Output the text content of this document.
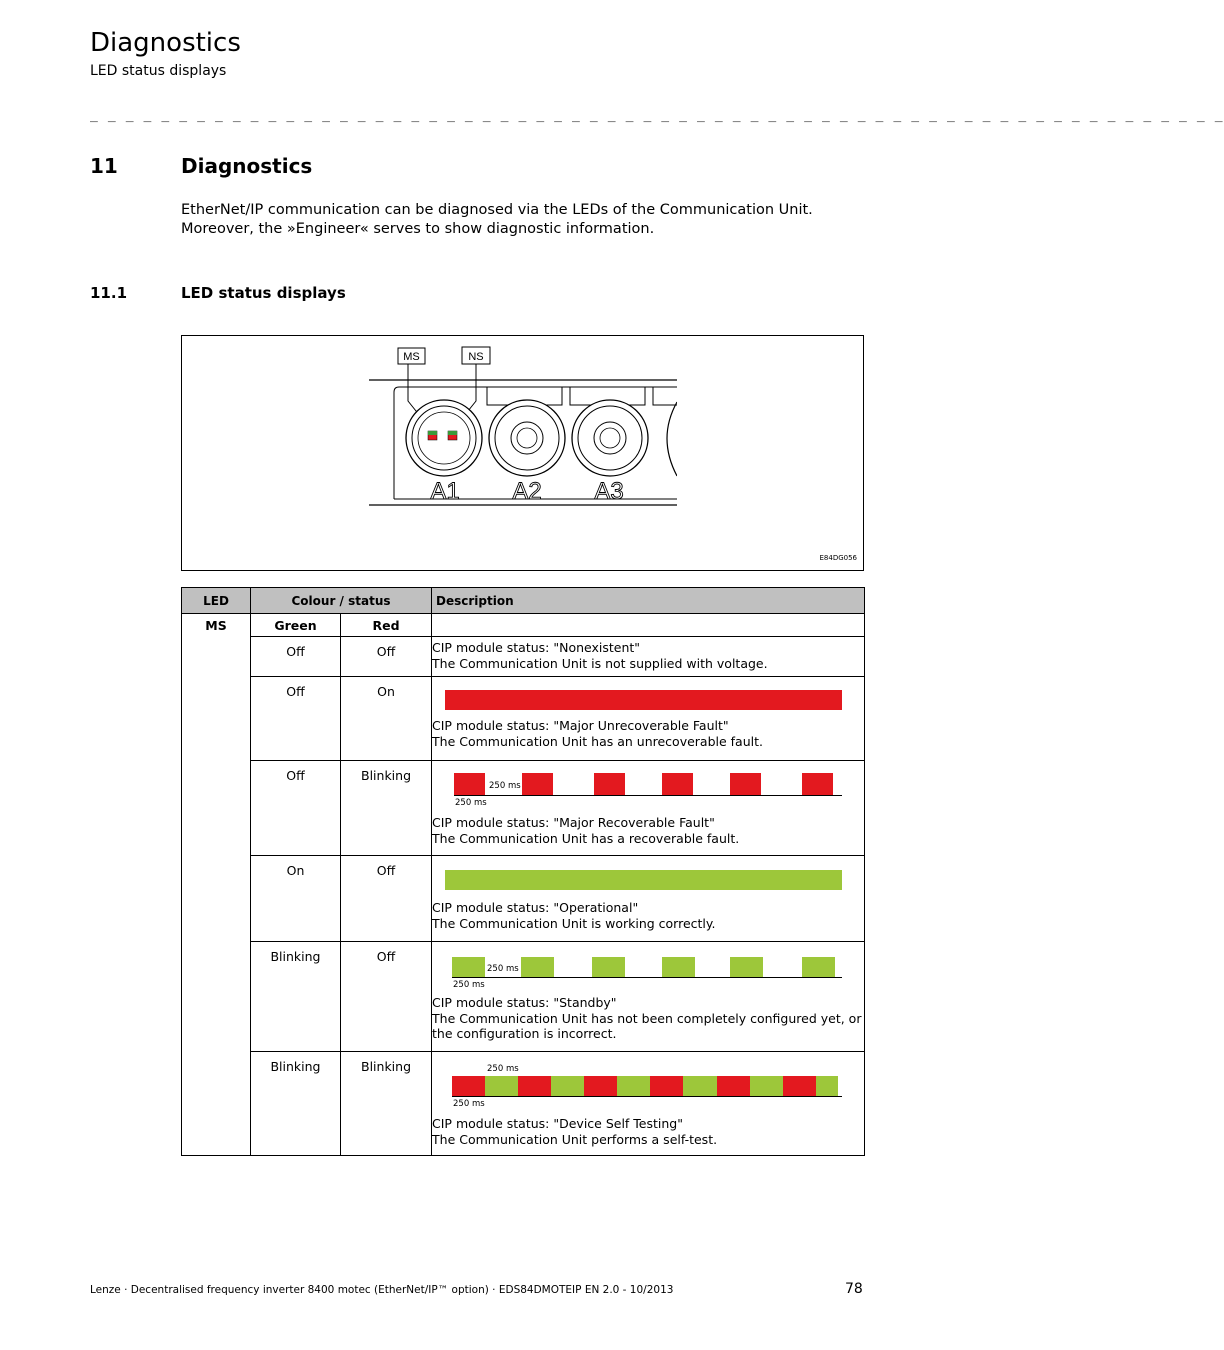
Diagnostics
LED status displays
_ _ _ _ _ _ _ _ _ _ _ _ _ _ _ _ _ _ _ _ _ _ _ _ _ _ _ _ _ _ _ _ _ _ _ _ _ _ _ _ _ _ _ _ _ _ _ _ _ _ _ _ _ _ _ _ _ _ _ _ _ _ _ _
11	Diagnostics
EtherNet/IP communication can be diagnosed via the LEDs of the Communication Unit. Moreover, the »Engineer« serves to show diagnostic information.
11.1	LED status displays
MS	NS
A1 A2 A3
E84DG056
LED	Colour / status		Description
MS	Green	Red	
	Off	Off	CIP module status: "Nonexistent"
The Communication Unit is not supplied with voltage.

	Off	On	CIP module status: "Major Unrecoverable Fault"
The Communication Unit has an unrecoverable fault.

	Off	Blinking	250 ms
250 ms
CIP module status: "Major Recoverable Fault"
The Communication Unit has a recoverable fault.

	On	Off	CIP module status: "Operational"
The Communication Unit is working correctly.

	Blinking	Off	250 ms
250 ms
CIP module status: "Standby"
The Communication Unit has not been completely configured yet, or the configuration is incorrect.

	Blinking	Blinking	250 ms
250 ms
CIP module status: "Device Self Testing"
The Communication Unit performs a self-test.
Lenze · Decentralised frequency inverter 8400 motec (EtherNet/IP™ option) · EDS84DMOTEIP EN 2.0 - 10/2013	78
